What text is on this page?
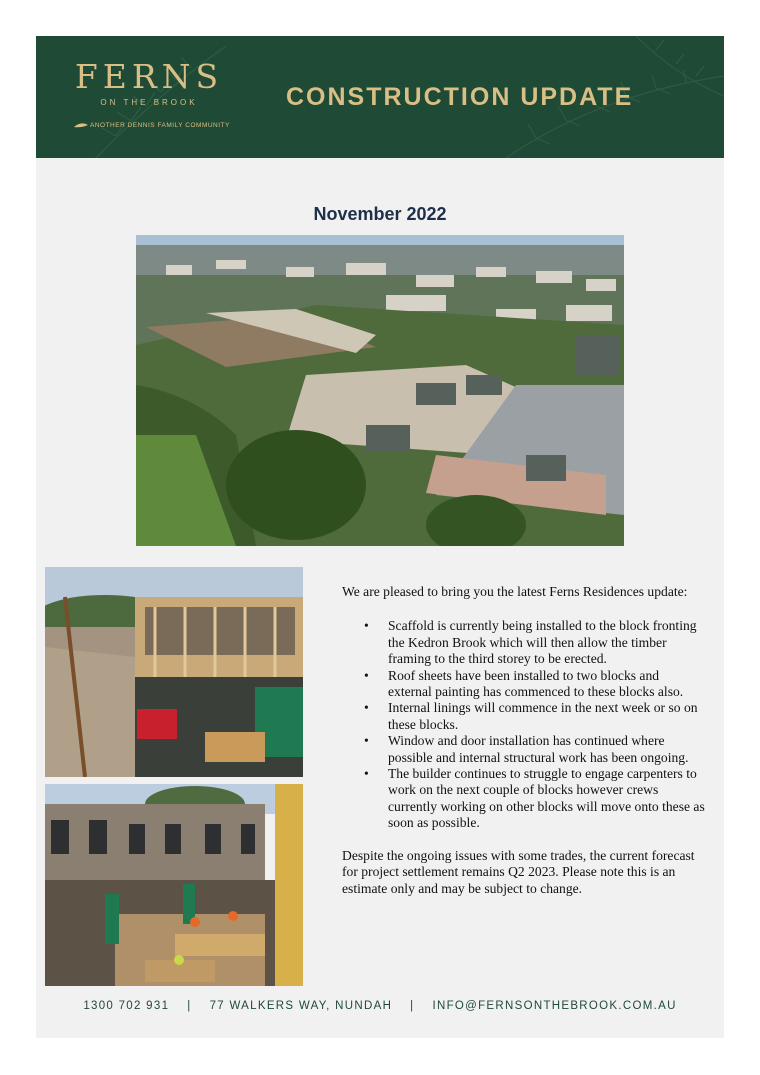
FERNS
ON THE BROOK
ANOTHER DENNIS FAMILY COMMUNITY
CONSTRUCTION UPDATE
November 2022

We are pleased to bring you the latest Ferns Residences update:

• Scaffold is currently being installed to the block fronting the Kedron Brook which will then allow the timber framing to the third storey to be erected.
• Roof sheets have been installed to two blocks and external painting has commenced to these blocks also.
• Internal linings will commence in the next week or so on these blocks.
• Window and door installation has continued where possible and internal structural work has been ongoing.
• The builder continues to struggle to engage carpenters to work on the next couple of blocks however crews currently working on other blocks will move onto these as soon as possible.

Despite the ongoing issues with some trades, the current forecast for project settlement remains Q2 2023. Please note this is an estimate only and may be subject to change.

1300 702 931 | 77 WALKERS WAY, NUNDAH | INFO@FERNSONTHEBROOK.COM.AU
